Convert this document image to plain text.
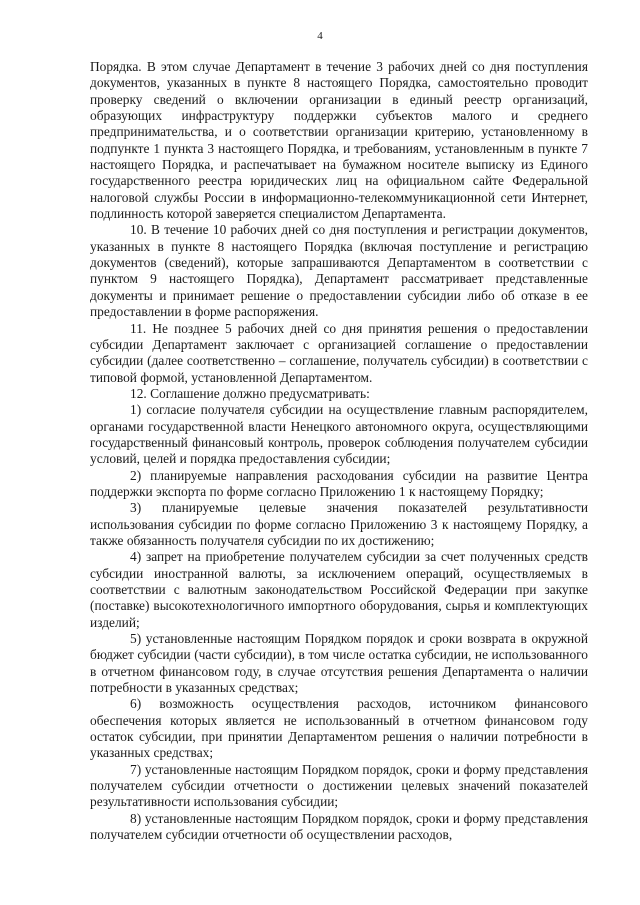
4

Порядка. В этом случае Департамент в течение 3 рабочих дней со дня поступления документов, указанных в пункте 8 настоящего Порядка, самостоятельно проводит проверку сведений о включении организации в единый реестр организаций, образующих инфраструктуру поддержки субъектов малого и среднего предпринимательства, и о соответствии организации критерию, установленному в подпункте 1 пункта 3 настоящего Порядка, и требованиям, установленным в пункте 7 настоящего Порядка, и распечатывает на бумажном носителе выписку из Единого государственного реестра юридических лиц на официальном сайте Федеральной налоговой службы России в информационно-телекоммуникационной сети Интернет, подлинность которой заверяется специалистом Департамента.

10. В течение 10 рабочих дней со дня поступления и регистрации документов, указанных в пункте 8 настоящего Порядка (включая поступление и регистрацию документов (сведений), которые запрашиваются Департаментом в соответствии с пунктом 9 настоящего Порядка), Департамент рассматривает представленные документы и принимает решение о предоставлении субсидии либо об отказе в ее предоставлении в форме распоряжения.

11. Не позднее 5 рабочих дней со дня принятия решения о предоставлении субсидии Департамент заключает с организацией соглашение о предоставлении субсидии (далее соответственно – соглашение, получатель субсидии) в соответствии с типовой формой, установленной Департаментом.

12. Соглашение должно предусматривать:

1) согласие получателя субсидии на осуществление главным распорядителем, органами государственной власти Ненецкого автономного округа, осуществляющими государственный финансовый контроль, проверок соблюдения получателем субсидии условий, целей и порядка предоставления субсидии;

2) планируемые направления расходования субсидии на развитие Центра поддержки экспорта по форме согласно Приложению 1 к настоящему Порядку;

3) планируемые целевые значения показателей результативности использования субсидии по форме согласно Приложению 3 к настоящему Порядку, а также обязанность получателя субсидии по их достижению;

4) запрет на приобретение получателем субсидии за счет полученных средств субсидии иностранной валюты, за исключением операций, осуществляемых в соответствии с валютным законодательством Российской Федерации при закупке (поставке) высокотехнологичного импортного оборудования, сырья и комплектующих изделий;

5) установленные настоящим Порядком порядок и сроки возврата в окружной бюджет субсидии (части субсидии), в том числе остатка субсидии, не использованного в отчетном финансовом году, в случае отсутствия решения Департамента о наличии потребности в указанных средствах;

6) возможность осуществления расходов, источником финансового обеспечения которых является не использованный в отчетном финансовом году остаток субсидии, при принятии Департаментом решения о наличии потребности в указанных средствах;

7) установленные настоящим Порядком порядок, сроки и форму представления получателем субсидии отчетности о достижении целевых значений показателей результативности использования субсидии;

8) установленные настоящим Порядком порядок, сроки и форму представления получателем субсидии отчетности об осуществлении расходов,
